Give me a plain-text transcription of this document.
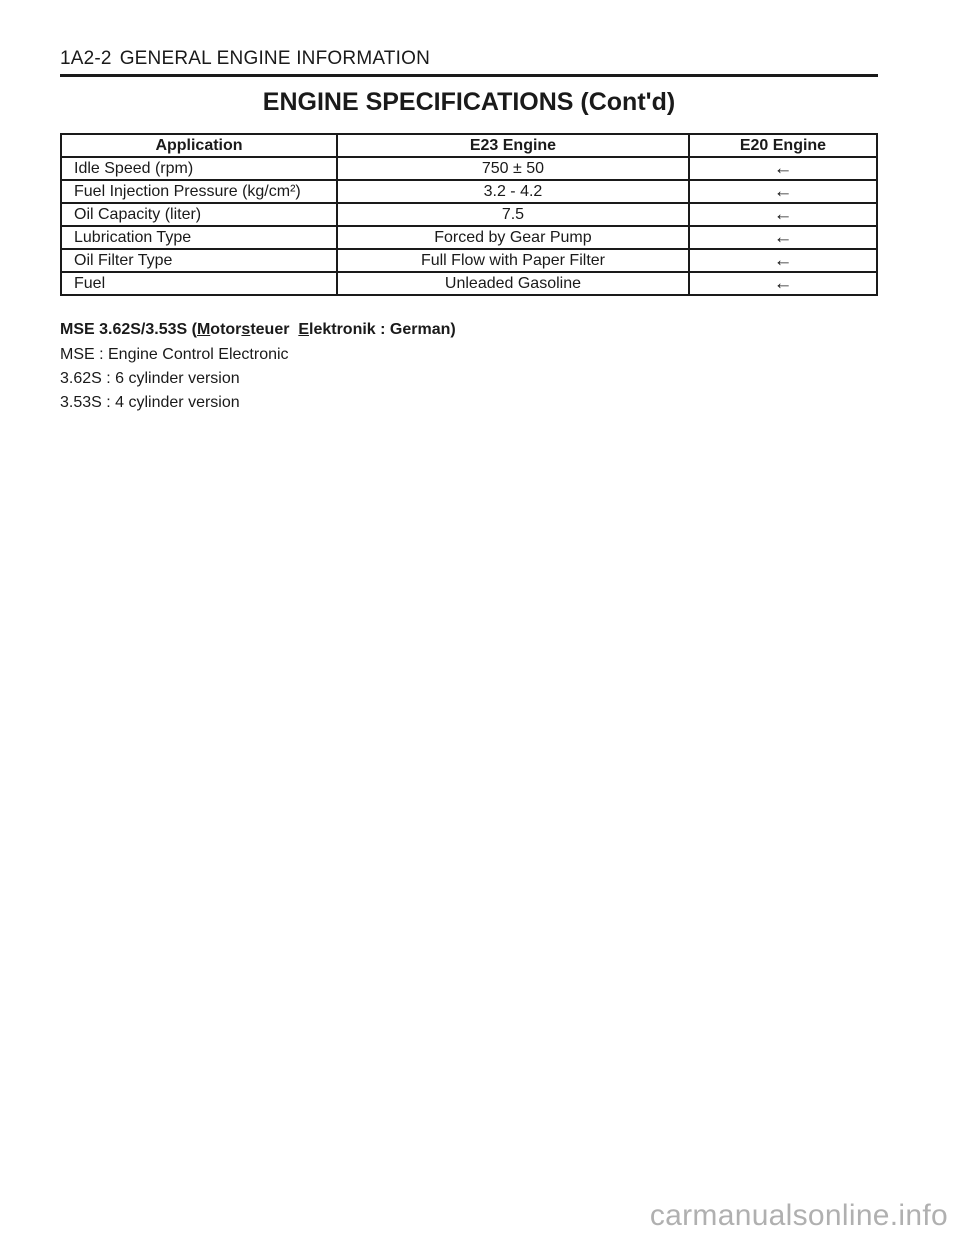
1A2-2 GENERAL ENGINE INFORMATION
ENGINE SPECIFICATIONS (Cont'd)
Application	E23 Engine	E20 Engine
Idle Speed (rpm)	750 ± 50	←
Fuel Injection Pressure (kg/cm²)	3.2 - 4.2	←
Oil Capacity (liter)	7.5	←
Lubrication Type	Forced by Gear Pump	←
Oil Filter Type	Full Flow with Paper Filter	←
Fuel	Unleaded Gasoline	←
MSE 3.62S/3.53S (Motorsteuer  Elektronik : German)
MSE : Engine Control Electronic
3.62S : 6 cylinder version
3.53S : 4 cylinder version
carmanualsonline.info
